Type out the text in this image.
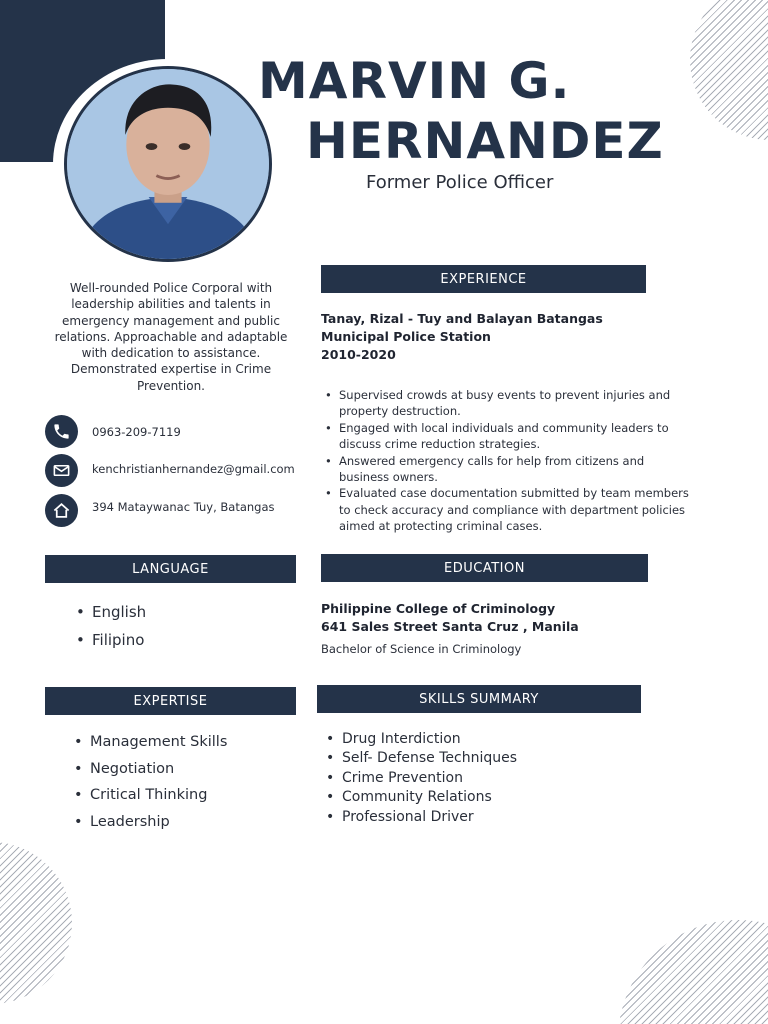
MARVIN G.
HERNANDEZ
Former Police Officer

Well-rounded Police Corporal with leadership abilities and talents in emergency management and public relations. Approachable and adaptable with dedication to assistance. Demonstrated expertise in Crime Prevention.

0963-209-7119
kenchristianhernandez@gmail.com
394 Mataywanac Tuy, Batangas
EXPERIENCE
Tanay, Rizal - Tuy and Balayan Batangas
Municipal Police Station
2010-2020
• Supervised crowds at busy events to prevent injuries and property destruction.
• Engaged with local individuals and community leaders to discuss crime reduction strategies.
• Answered emergency calls for help from citizens and business owners.
• Evaluated case documentation submitted by team members to check accuracy and compliance with department policies aimed at protecting criminal cases.
LANGUAGE
• English
• Filipino
EDUCATION
Philippine College of Criminology
641 Sales Street Santa Cruz , Manila
Bachelor of Science in Criminology
EXPERTISE
• Management Skills
• Negotiation
• Critical Thinking
• Leadership
SKILLS SUMMARY
• Drug Interdiction
• Self- Defense Techniques
• Crime Prevention
• Community Relations
• Professional Driver
